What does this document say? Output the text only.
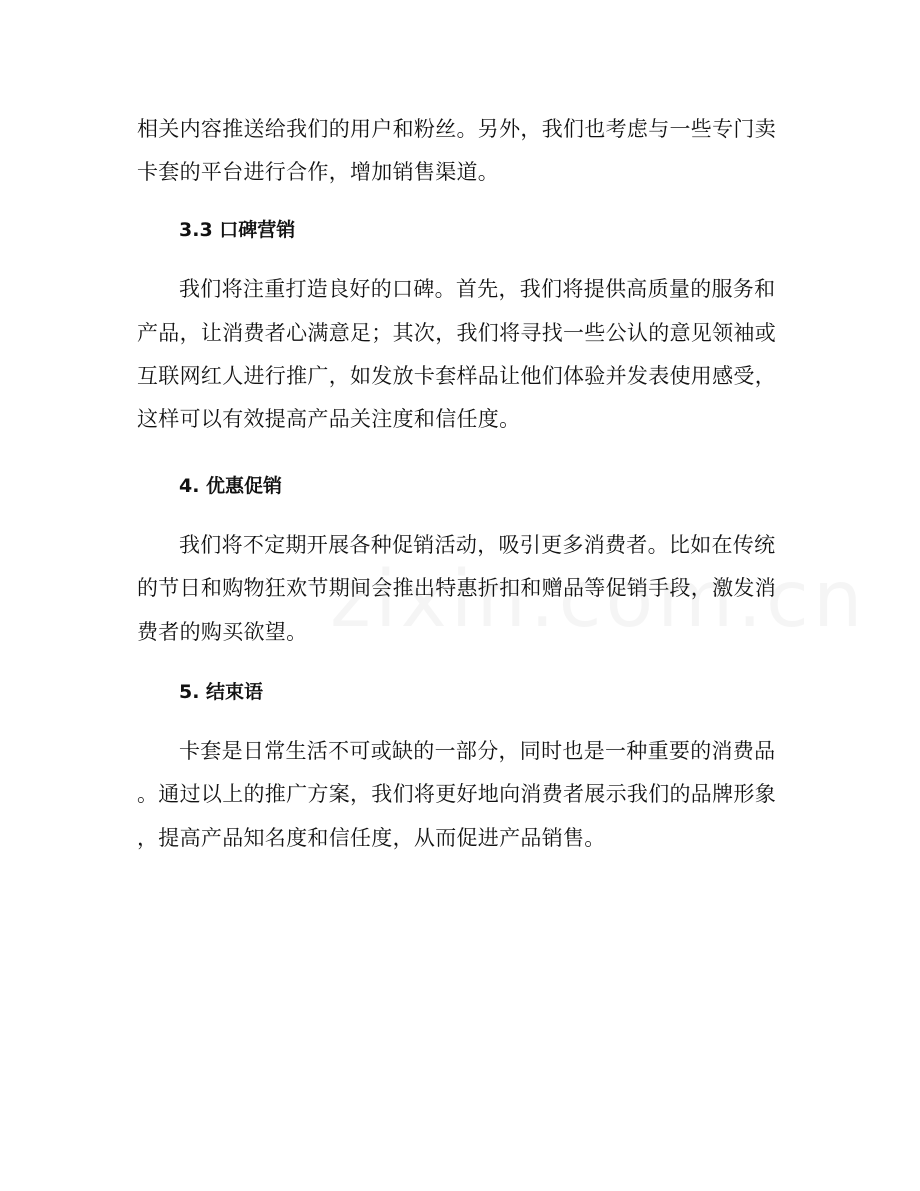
相关内容推送给我们的用户和粉丝。另外，我们也考虑与一些专门卖
卡套的平台进行合作，增加销售渠道。
3.3 口碑营销
我们将注重打造良好的口碑。首先，我们将提供高质量的服务和
产品，让消费者心满意足；其次，我们将寻找一些公认的意见领袖或
互联网红人进行推广，如发放卡套样品让他们体验并发表使用感受，
这样可以有效提高产品关注度和信任度。
4. 优惠促销
我们将不定期开展各种促销活动，吸引更多消费者。比如在传统
的节日和购物狂欢节期间会推出特惠折扣和赠品等促销手段，激发消
费者的购买欲望。
5. 结束语
卡套是日常生活不可或缺的一部分，同时也是一种重要的消费品
。通过以上的推广方案，我们将更好地向消费者展示我们的品牌形象
，提高产品知名度和信任度，从而促进产品销售。
